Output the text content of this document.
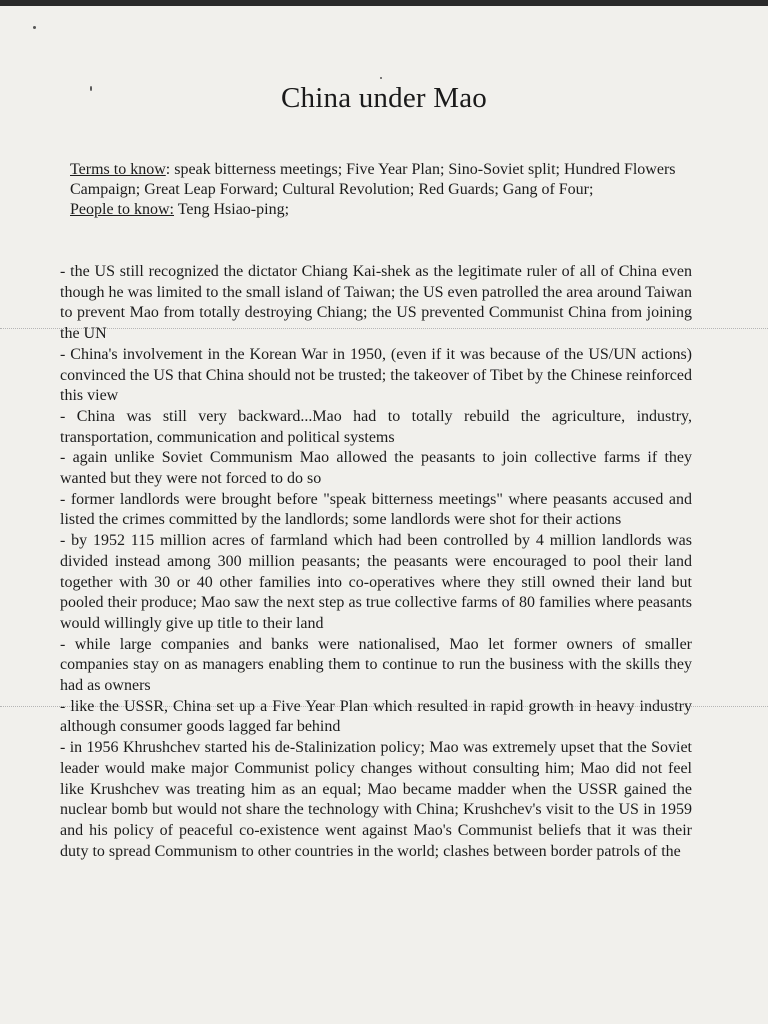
China under Mao

Terms to know: speak bitterness meetings; Five Year Plan; Sino-Soviet split; Hundred Flowers Campaign; Great Leap Forward; Cultural Revolution; Red Guards; Gang of Four;

People to know: Teng Hsiao-ping;

- the US still recognized the dictator Chiang Kai-shek as the legitimate ruler of all of China even though he was limited to the small island of Taiwan; the US even patrolled the area around Taiwan to prevent Mao from totally destroying Chiang; the US prevented Communist China from joining the UN

- China's involvement in the Korean War in 1950, (even if it was because of the US/UN actions) convinced the US that China should not be trusted; the takeover of Tibet by the Chinese reinforced this view

- China was still very backward...Mao had to totally rebuild the agriculture, industry, transportation, communication and political systems

- again unlike Soviet Communism Mao allowed the peasants to join collective farms if they wanted but they were not forced to do so

- former landlords were brought before "speak bitterness meetings" where peasants accused and listed the crimes committed by the landlords; some landlords were shot for their actions

- by 1952 115 million acres of farmland which had been controlled by 4 million landlords was divided instead among 300 million peasants; the peasants were encouraged to pool their land together with 30 or 40 other families into co-operatives where they still owned their land but pooled their produce; Mao saw the next step as true collective farms of 80 families where peasants would willingly give up title to their land

- while large companies and banks were nationalised, Mao let former owners of smaller companies stay on as managers enabling them to continue to run the business with the skills they had as owners

- like the USSR, China set up a Five Year Plan which resulted in rapid growth in heavy industry although consumer goods lagged far behind

- in 1956 Khrushchev started his de-Stalinization policy; Mao was extremely upset that the Soviet leader would make major Communist policy changes without consulting him; Mao did not feel like Krushchev was treating him as an equal; Mao became madder when the USSR gained the nuclear bomb but would not share the technology with China; Krushchev's visit to the US in 1959 and his policy of peaceful co-existence went against Mao's Communist beliefs that it was their duty to spread Communism to other countries in the world; clashes between border patrols of the
